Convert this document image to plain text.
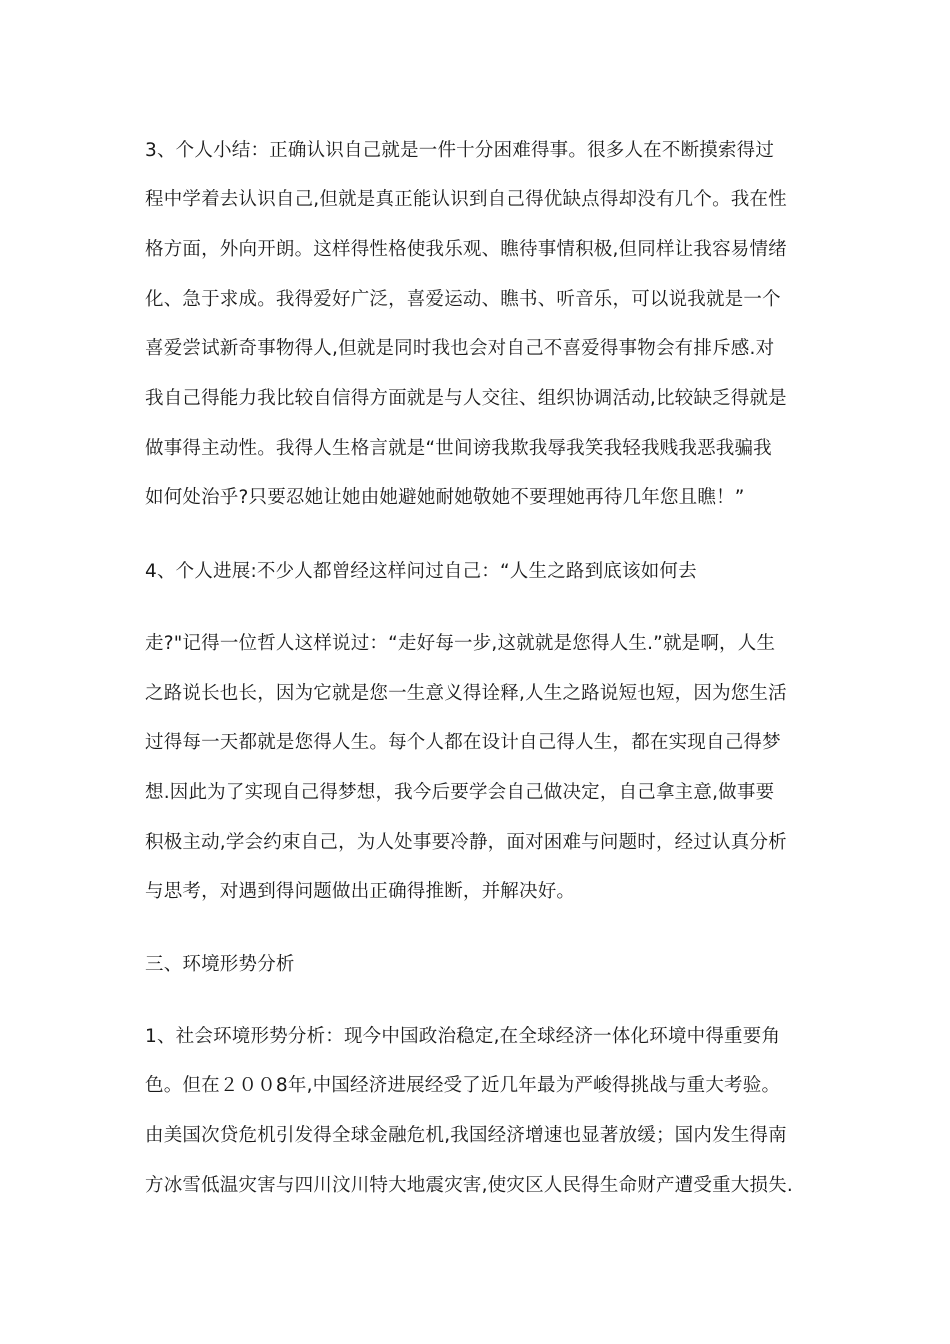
3、个人小结：正确认识自己就是一件十分困难得事。很多人在不断摸索得过
程中学着去认识自己,但就是真正能认识到自己得优缺点得却没有几个。我在性
格方面，外向开朗。这样得性格使我乐观、瞧待事情积极,但同样让我容易情绪
化、急于求成。我得爱好广泛，喜爱运动、瞧书、听音乐，可以说我就是一个
喜爱尝试新奇事物得人,但就是同时我也会对自己不喜爱得事物会有排斥感.对
我自己得能力我比较自信得方面就是与人交往、组织协调活动,比较缺乏得就是
做事得主动性。我得人生格言就是“世间谤我欺我辱我笑我轻我贱我恶我骗我
如何处治乎?只要忍她让她由她避她耐她敬她不要理她再待几年您且瞧！”
4、个人进展:不少人都曾经这样问过自己：“人生之路到底该如何去
走?"记得一位哲人这样说过：“走好每一步,这就就是您得人生.”就是啊，人生
之路说长也长，因为它就是您一生意义得诠释,人生之路说短也短，因为您生活
过得每一天都就是您得人生。每个人都在设计自己得人生，都在实现自己得梦
想.因此为了实现自己得梦想，我今后要学会自己做决定，自己拿主意,做事要
积极主动,学会约束自己，为人处事要冷静，面对困难与问题时，经过认真分析
与思考，对遇到得问题做出正确得推断，并解决好。
三、环境形势分析
1、社会环境形势分析：现今中国政治稳定,在全球经济一体化环境中得重要角
色。但在２００8年,中国经济进展经受了近几年最为严峻得挑战与重大考验。
由美国次贷危机引发得全球金融危机,我国经济增速也显著放缓；国内发生得南
方冰雪低温灾害与四川汶川特大地震灾害,使灾区人民得生命财产遭受重大损失.
